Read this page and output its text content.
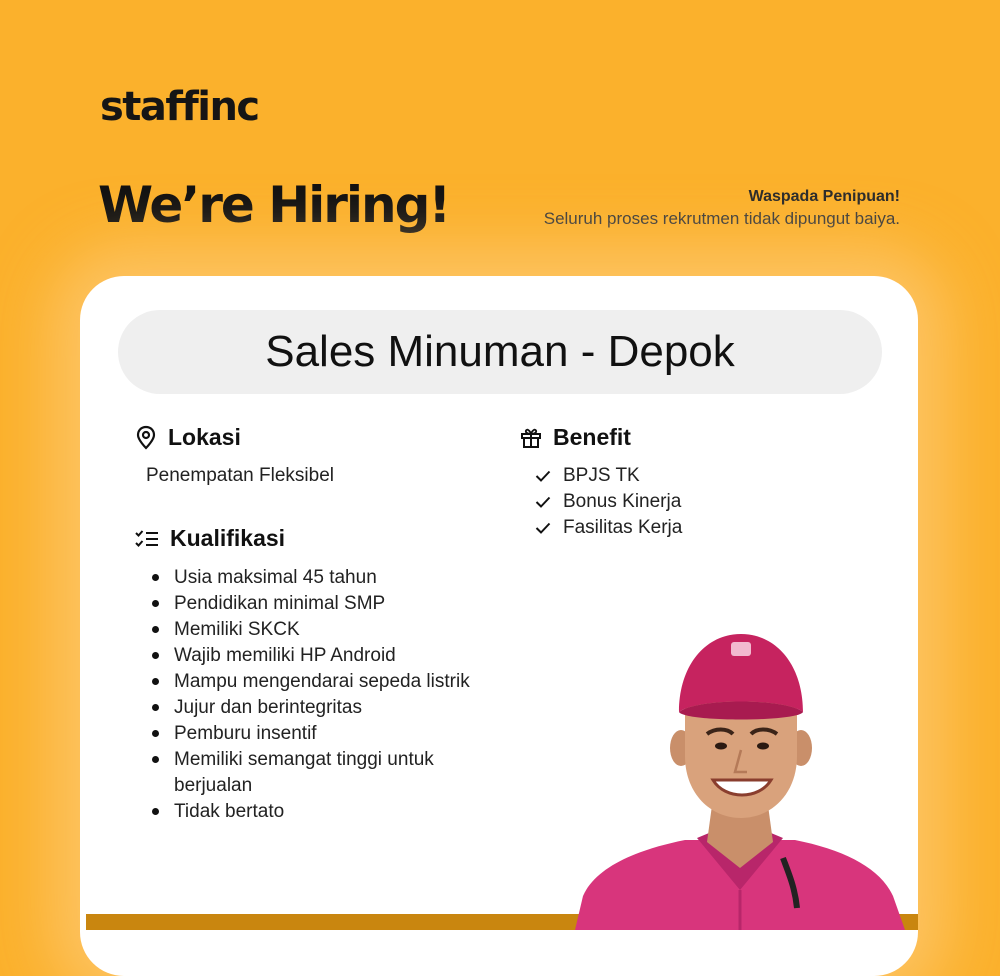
staffinc
We’re Hiring!	Waspada Penipuan!
Seluruh proses rekrutmen tidak dipungut baiya.
Sales Minuman - Depok
Lokasi
Penempatan Fleksibel
Kualifikasi
Usia maksimal 45 tahun
Pendidikan minimal SMP
Memiliki SKCK
Wajib memiliki HP Android
Mampu mengendarai sepeda listrik
Jujur dan berintegritas
Pemburu insentif
Memiliki semangat tinggi untuk berjualan
Tidak bertato
Benefit
BPJS TK
Bonus Kinerja
Fasilitas Kerja
